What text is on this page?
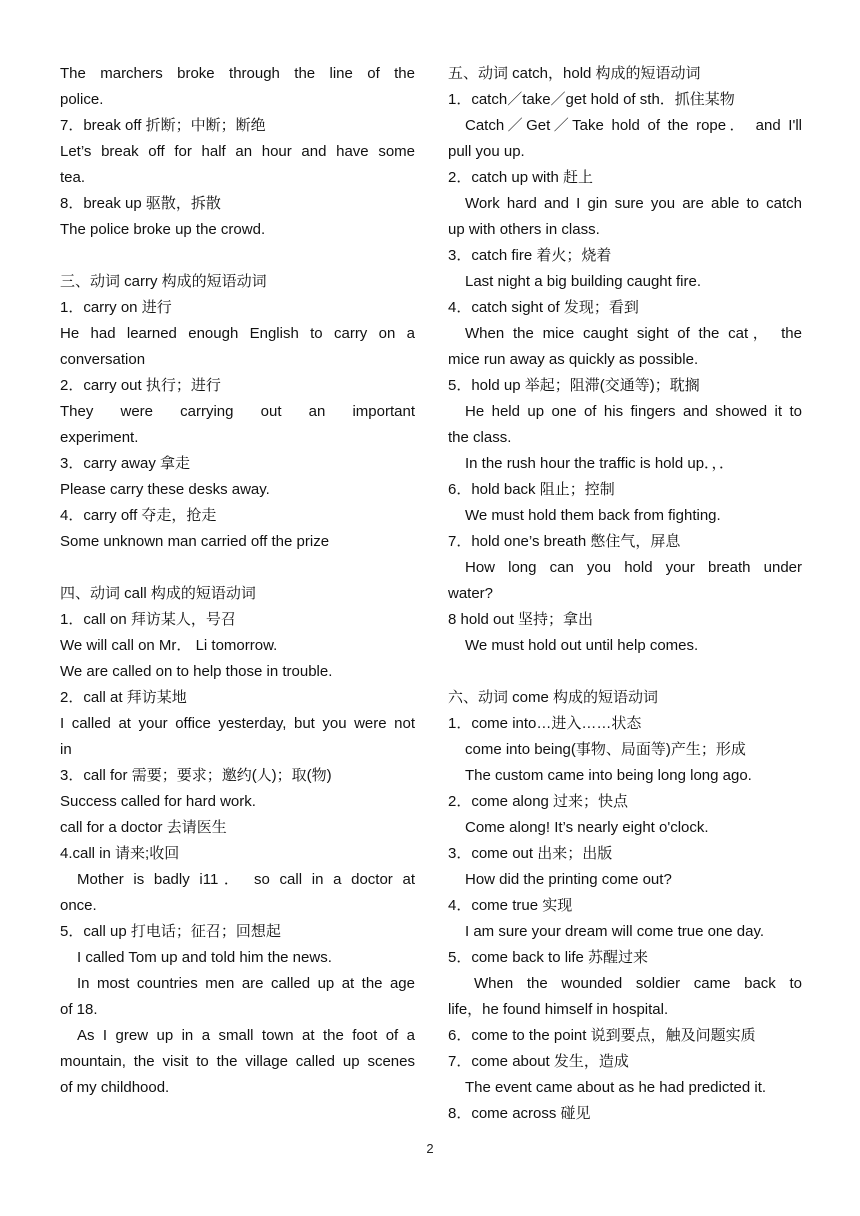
The marchers broke through the line of the
police.
7．break off 折断；中断；断绝
Let’s break off for half an hour and have some
tea.
8．break up 驱散，拆散
The police broke up the crowd.
三、动词 carry 构成的短语动词
1．carry on 进行
He had learned enough English to carry on a
conversation
2．carry out 执行；进行
They were carrying out an important
experiment.
3．carry away 拿走
Please carry these desks away.
4．carry off 夺走，抢走
Some unknown man carried off the prize
四、动词 call 构成的短语动词
1．call on 拜访某人，号召
We will call on Mr． Li tomorrow.
We are called on to help those in trouble.
2．call at 拜访某地
I called at your office yesterday, but you were not
in
3．call for 需要；要求；邀约(人)；取(物)
Success called for hard work.
call for a doctor 去请医生
4.call in 请来;收回
Mother is badly i11． so call in a doctor at
once.
5．call up 打电话；征召；回想起
I called Tom up and told him the news.
In most countries men are called up at the age
of 18.
As I grew up in a small town at the foot of a
mountain, the visit to the village called up scenes
of my childhood.
五、动词 catch，hold 构成的短语动词
1．catch／take／get hold of sth．抓住某物
Catch／Get／Take hold of the rope． and I'll
pull you up.
2．catch up with 赶上
Work hard and I gin sure you are able to catch
up with others in class.
3．catch fire 着火；烧着
Last night a big building caught fire.
4．catch sight of 发现；看到
When the mice caught sight of the cat， the
mice run away as quickly as possible.
5．hold up 举起；阻滞(交通等)；耽搁
He held up one of his fingers and showed it to
the class.
In the rush hour the traffic is hold up．，．
6．hold back 阻止；控制
We must hold them back from fighting.
7．hold one’s breath 憋住气，屏息
How long can you hold your breath under
water?
8 hold out 坚持；拿出
We must hold out until help comes.
六、动词 come 构成的短语动词
1．come into…进入……状态
come into being(事物、局面等)产生；形成
The custom came into being long long ago.
2．come along 过来；快点
Come along! It’s nearly eight o'clock.
3．come out 出来；出版
How did the printing come out?
4．come true 实现
I am sure your dream will come true one day.
5．come back to life 苏醒过来
When the wounded soldier came back to
life，he found himself in hospital.
6．come to the point 说到要点，触及问题实质
7．come about 发生，造成
The event came about as he had predicted it.
8．come across 碰见
2
